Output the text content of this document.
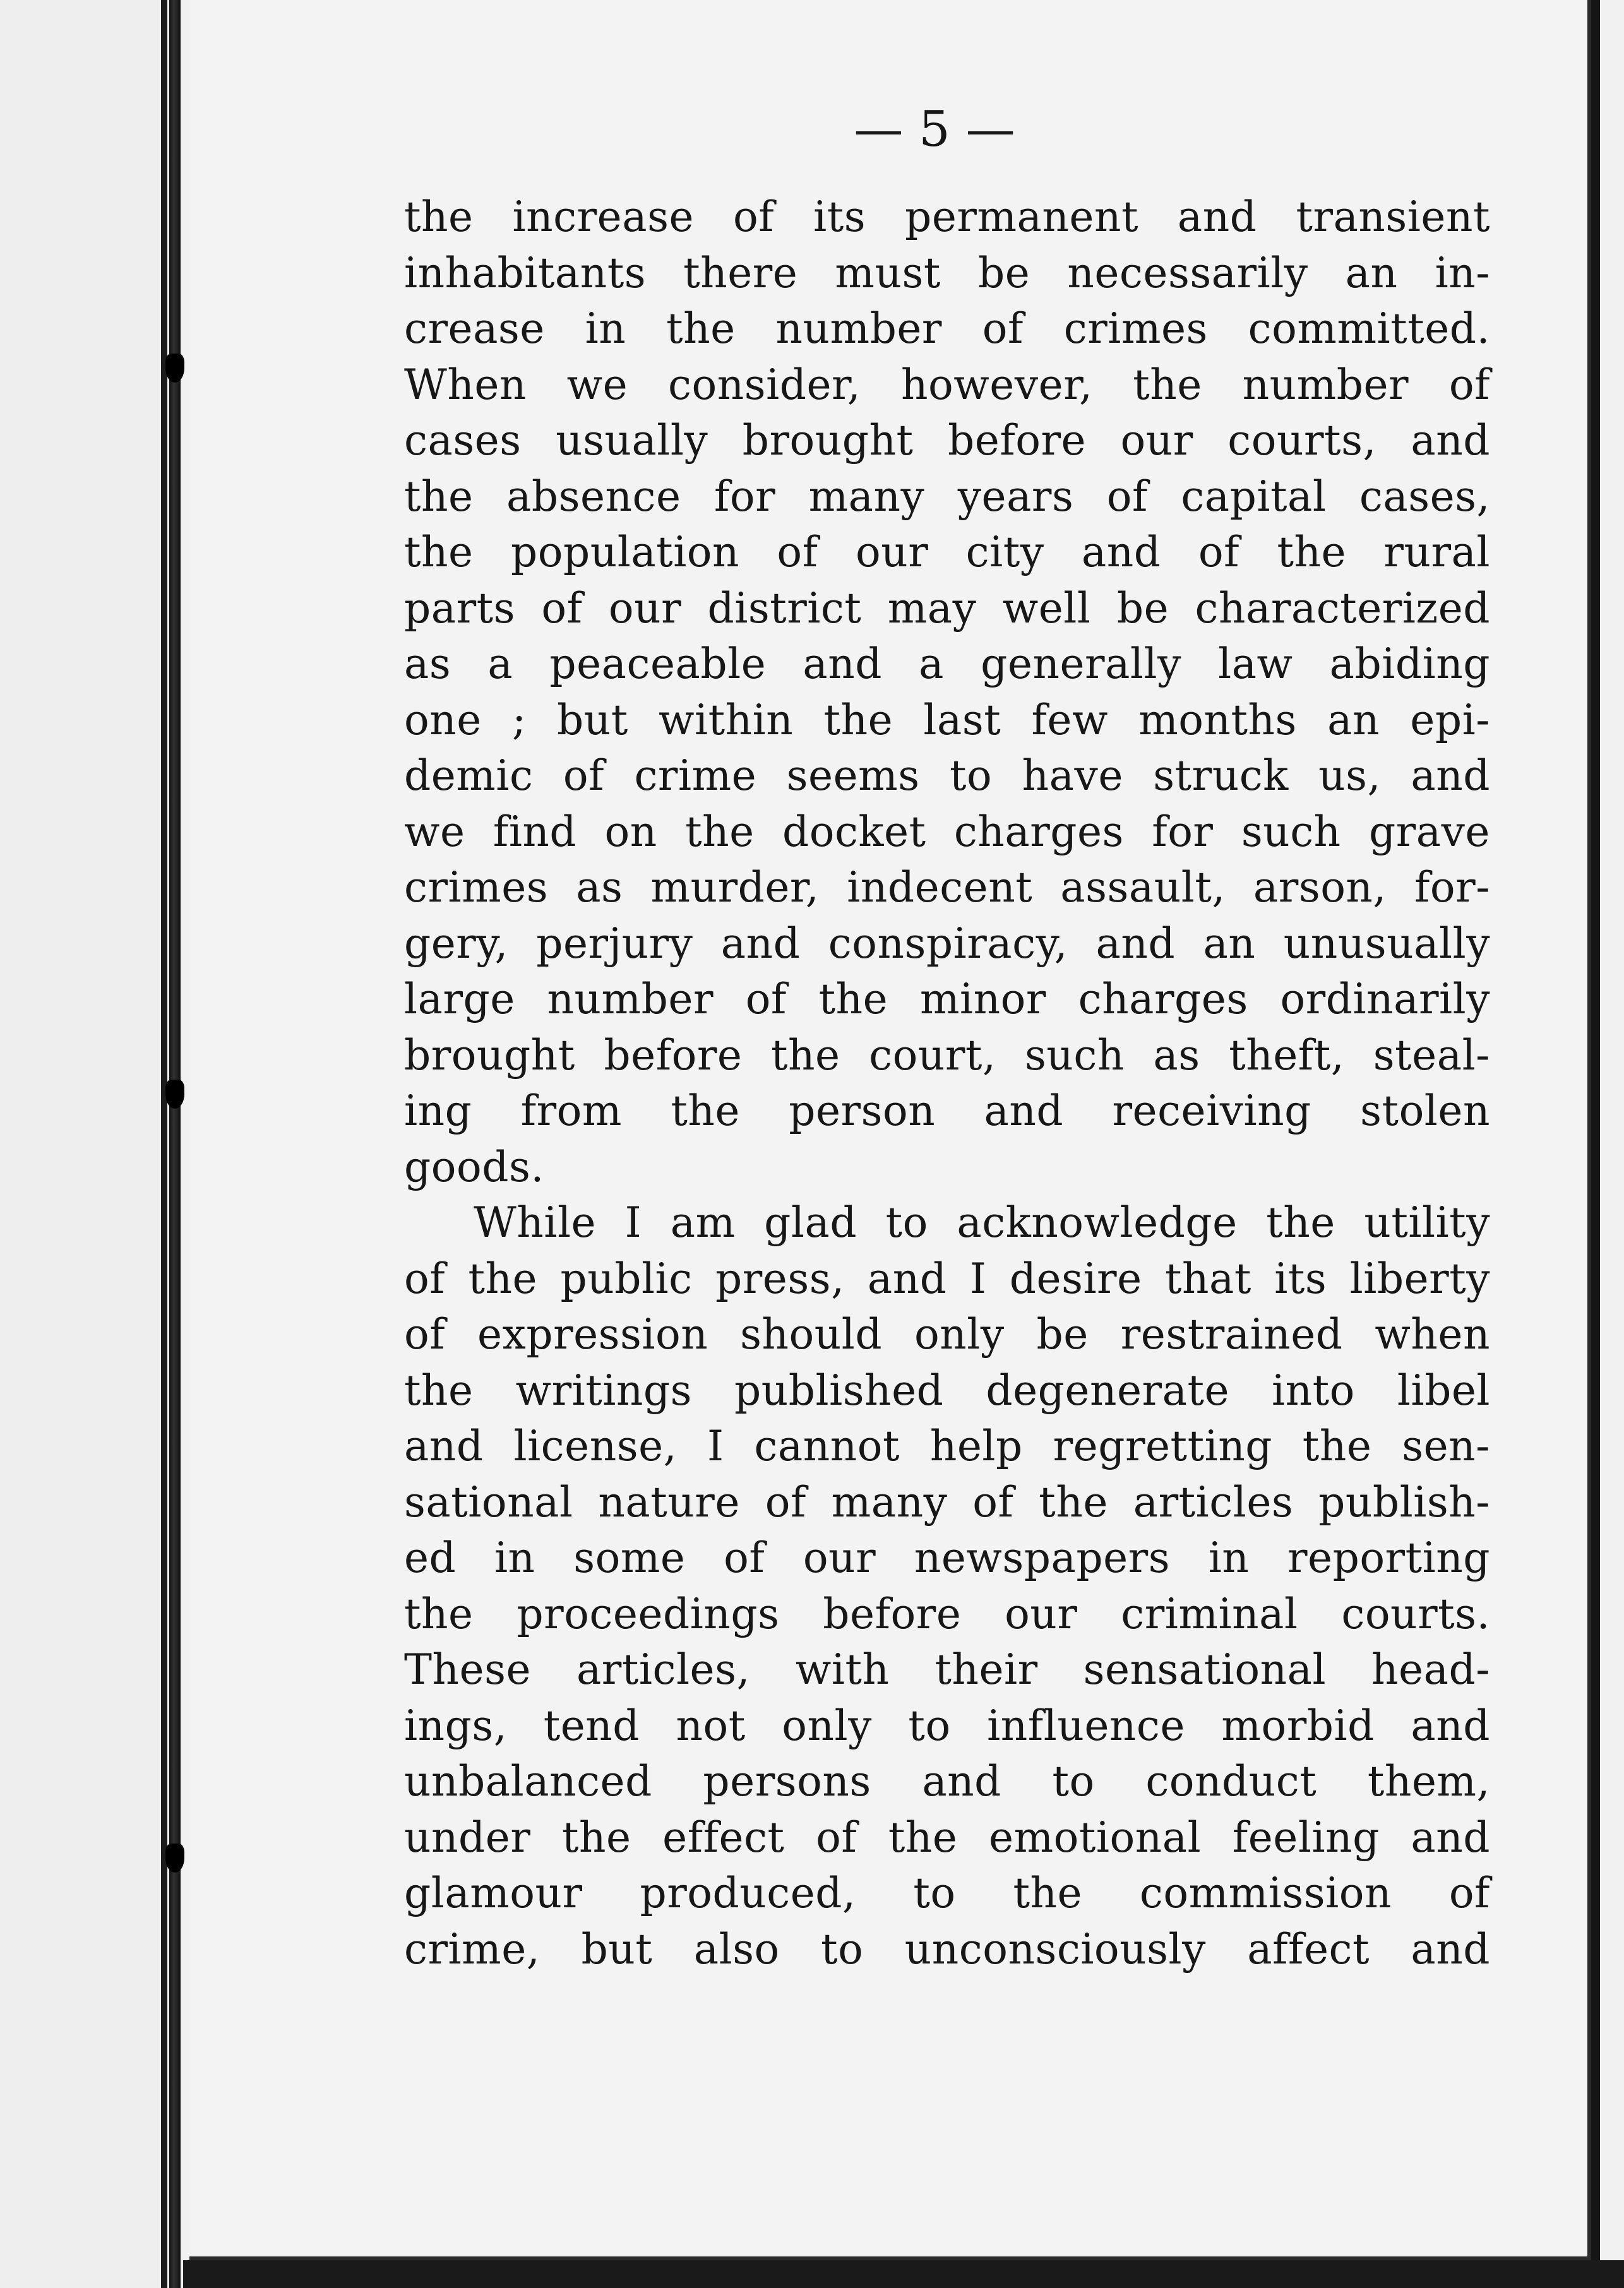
— 5 —
the increase of its permanent and transient
inhabitants there must be necessarily an in-
crease in the number of crimes committed.
When we consider, however, the number of
cases usually brought before our courts, and
the absence for many years of capital cases,
the population of our city and of the rural
parts of our district may well be characterized
as a peaceable and a generally law abiding
one ; but within the last few months an epi-
demic of crime seems to have struck us, and
we find on the docket charges for such grave
crimes as murder, indecent assault, arson, for-
gery, perjury and conspiracy, and an unusually
large number of the minor charges ordinarily
brought before the court, such as theft, steal-
ing from the person and receiving stolen
goods.
While I am glad to acknowledge the utility
of the public press, and I desire that its liberty
of expression should only be restrained when
the writings published degenerate into libel
and license, I cannot help regretting the sen-
sational nature of many of the articles publish-
ed in some of our newspapers in reporting
the proceedings before our criminal courts.
These articles, with their sensational head-
ings, tend not only to influence morbid and
unbalanced persons and to conduct them,
under the effect of the emotional feeling and
glamour produced, to the commission of
crime, but also to unconsciously affect and
